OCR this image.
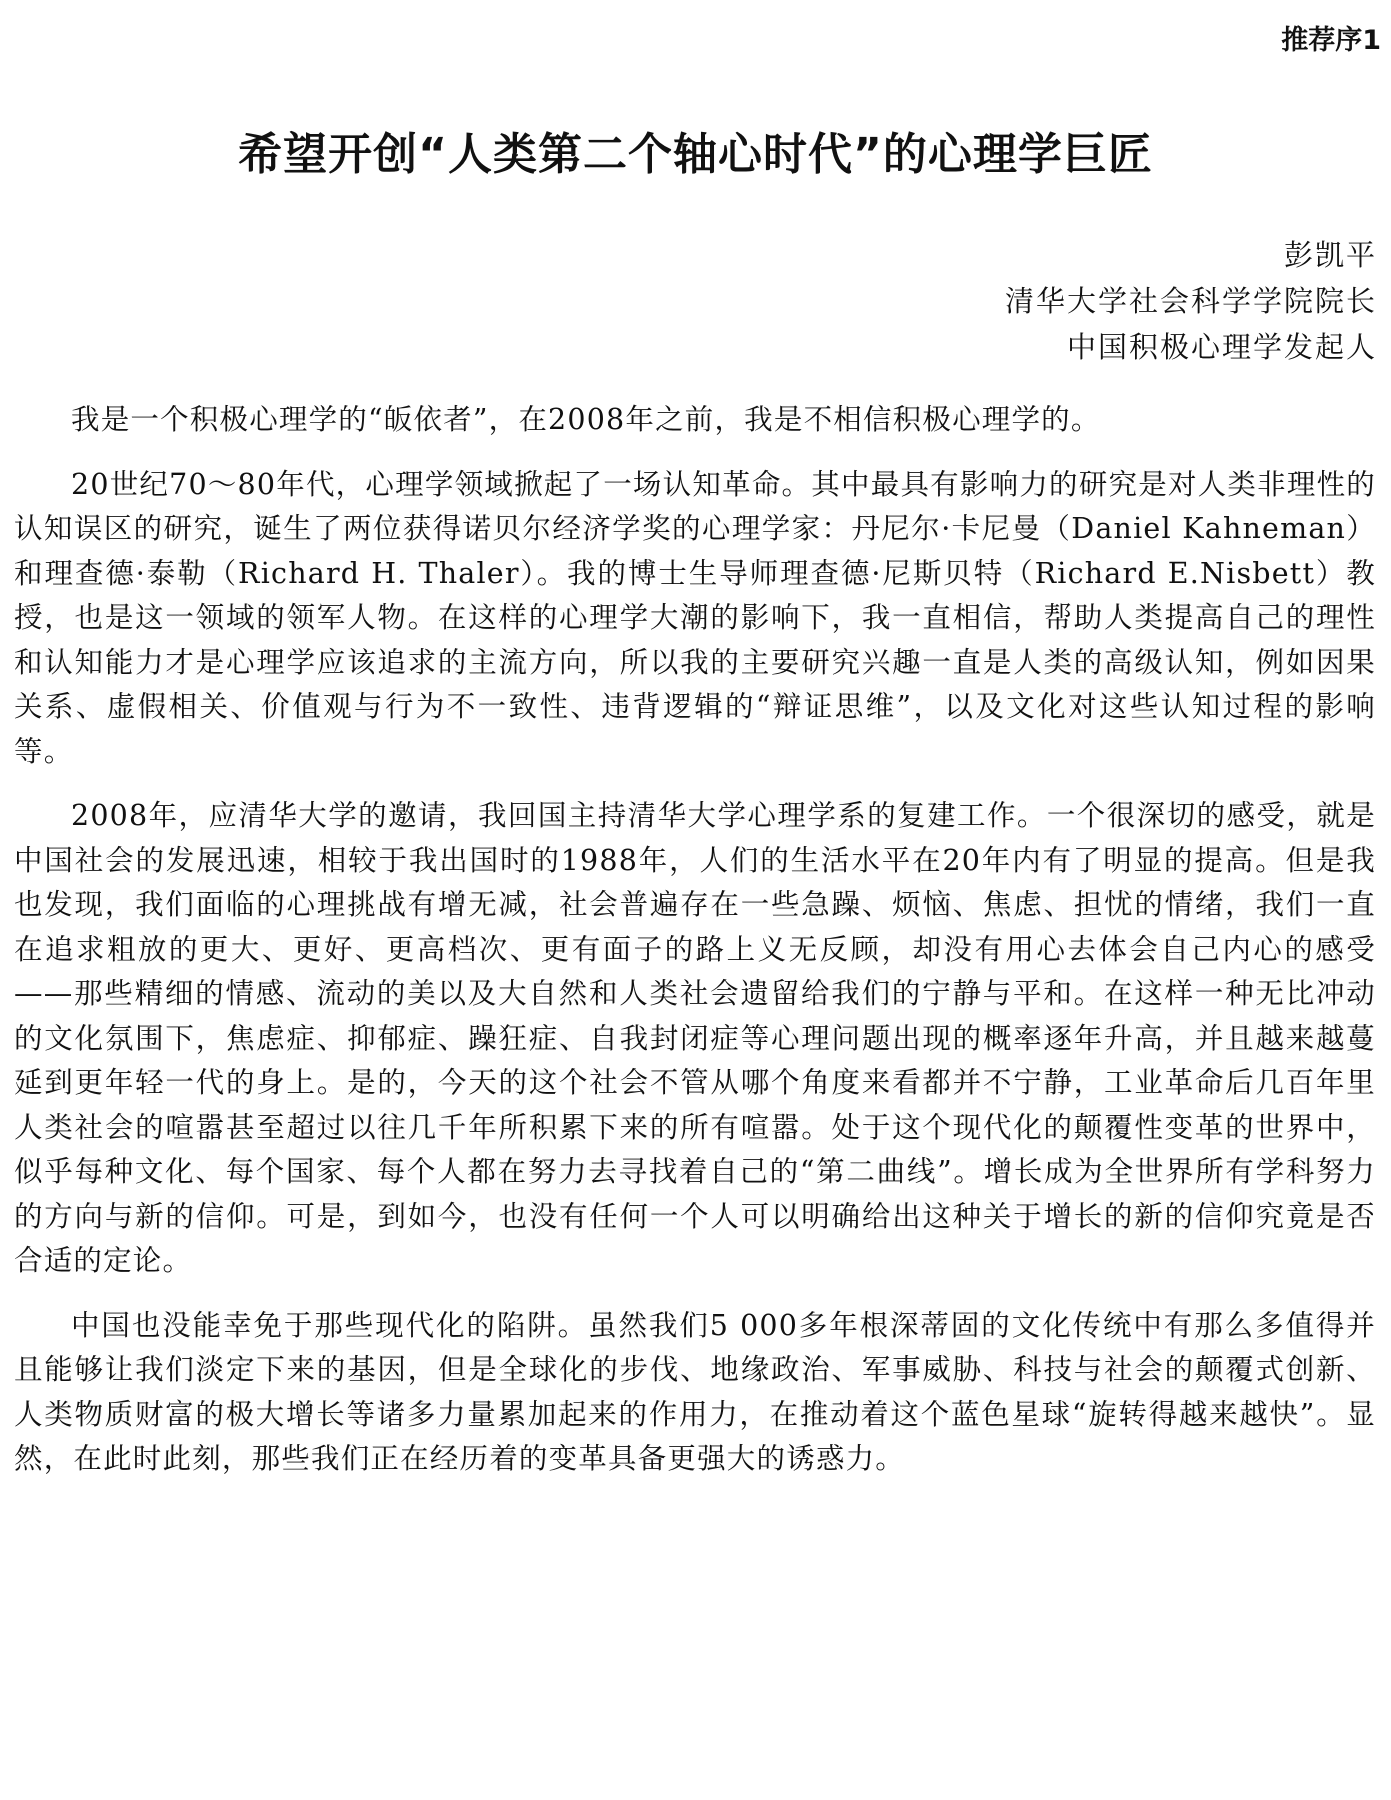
推荐序1
希望开创“人类第二个轴心时代”的心理学巨匠
彭凯平
清华大学社会科学学院院长
中国积极心理学发起人

我是一个积极心理学的“皈依者”，在2008年之前，我是不相信积极心理学的。

20世纪70～80年代，心理学领域掀起了一场认知革命。其中最具有影响力的研究是对人类非理性的认知误区的研究，诞生了两位获得诺贝尔经济学奖的心理学家：丹尼尔·卡尼曼（Daniel Kahneman）和理查德·泰勒（Richard H. Thaler）。我的博士生导师理查德·尼斯贝特（Richard E.Nisbett）教授，也是这一领域的领军人物。在这样的心理学大潮的影响下，我一直相信，帮助人类提高自己的理性和认知能力才是心理学应该追求的主流方向，所以我的主要研究兴趣一直是人类的高级认知，例如因果关系、虚假相关、价值观与行为不一致性、违背逻辑的“辩证思维”，以及文化对这些认知过程的影响等。

2008年，应清华大学的邀请，我回国主持清华大学心理学系的复建工作。一个很深切的感受，就是中国社会的发展迅速，相较于我出国时的1988年，人们的生活水平在20年内有了明显的提高。但是我也发现，我们面临的心理挑战有增无减，社会普遍存在一些急躁、烦恼、焦虑、担忧的情绪，我们一直在追求粗放的更大、更好、更高档次、更有面子的路上义无反顾，却没有用心去体会自己内心的感受——那些精细的情感、流动的美以及大自然和人类社会遗留给我们的宁静与平和。在这样一种无比冲动的文化氛围下，焦虑症、抑郁症、躁狂症、自我封闭症等心理问题出现的概率逐年升高，并且越来越蔓延到更年轻一代的身上。是的，今天的这个社会不管从哪个角度来看都并不宁静，工业革命后几百年里人类社会的喧嚣甚至超过以往几千年所积累下来的所有喧嚣。处于这个现代化的颠覆性变革的世界中，似乎每种文化、每个国家、每个人都在努力去寻找着自己的“第二曲线”。增长成为全世界所有学科努力的方向与新的信仰。可是，到如今，也没有任何一个人可以明确给出这种关于增长的新的信仰究竟是否合适的定论。

中国也没能幸免于那些现代化的陷阱。虽然我们5 000多年根深蒂固的文化传统中有那么多值得并且能够让我们淡定下来的基因，但是全球化的步伐、地缘政治、军事威胁、科技与社会的颠覆式创新、人类物质财富的极大增长等诸多力量累加起来的作用力，在推动着这个蓝色星球“旋转得越来越快”。显然，在此时此刻，那些我们正在经历着的变革具备更强大的诱惑力。
